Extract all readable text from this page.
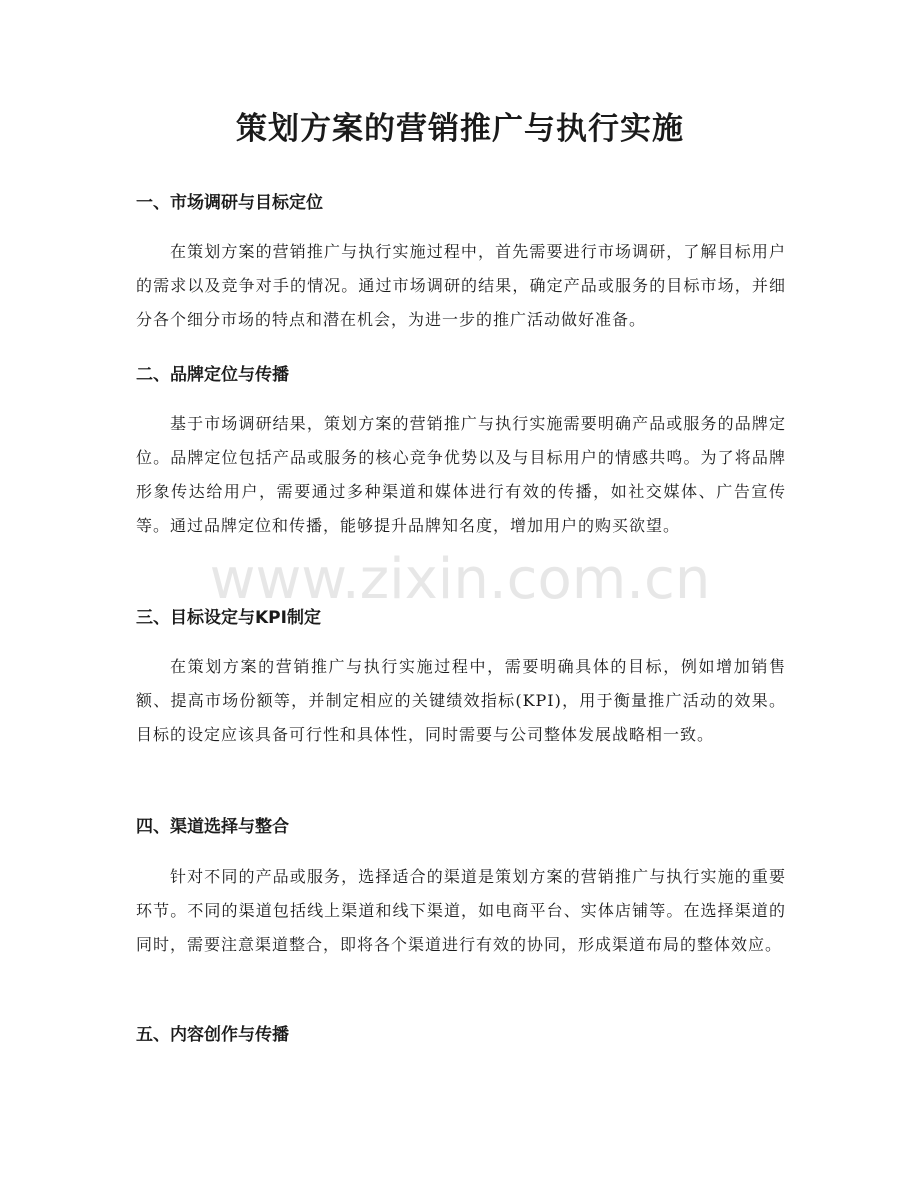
策划方案的营销推广与执行实施
一、市场调研与目标定位

在策划方案的营销推广与执行实施过程中，首先需要进行市场调研，了解目标用户的需求以及竞争对手的情况。通过市场调研的结果，确定产品或服务的目标市场，并细分各个细分市场的特点和潜在机会，为进一步的推广活动做好准备。

二、品牌定位与传播

基于市场调研结果，策划方案的营销推广与执行实施需要明确产品或服务的品牌定位。品牌定位包括产品或服务的核心竞争优势以及与目标用户的情感共鸣。为了将品牌形象传达给用户，需要通过多种渠道和媒体进行有效的传播，如社交媒体、广告宣传等。通过品牌定位和传播，能够提升品牌知名度，增加用户的购买欲望。

三、目标设定与KPI制定

在策划方案的营销推广与执行实施过程中，需要明确具体的目标，例如增加销售额、提高市场份额等，并制定相应的关键绩效指标(KPI)，用于衡量推广活动的效果。目标的设定应该具备可行性和具体性，同时需要与公司整体发展战略相一致。

四、渠道选择与整合

针对不同的产品或服务，选择适合的渠道是策划方案的营销推广与执行实施的重要环节。不同的渠道包括线上渠道和线下渠道，如电商平台、实体店铺等。在选择渠道的同时，需要注意渠道整合，即将各个渠道进行有效的协同，形成渠道布局的整体效应。

五、内容创作与传播
www.zixin.com.cn
